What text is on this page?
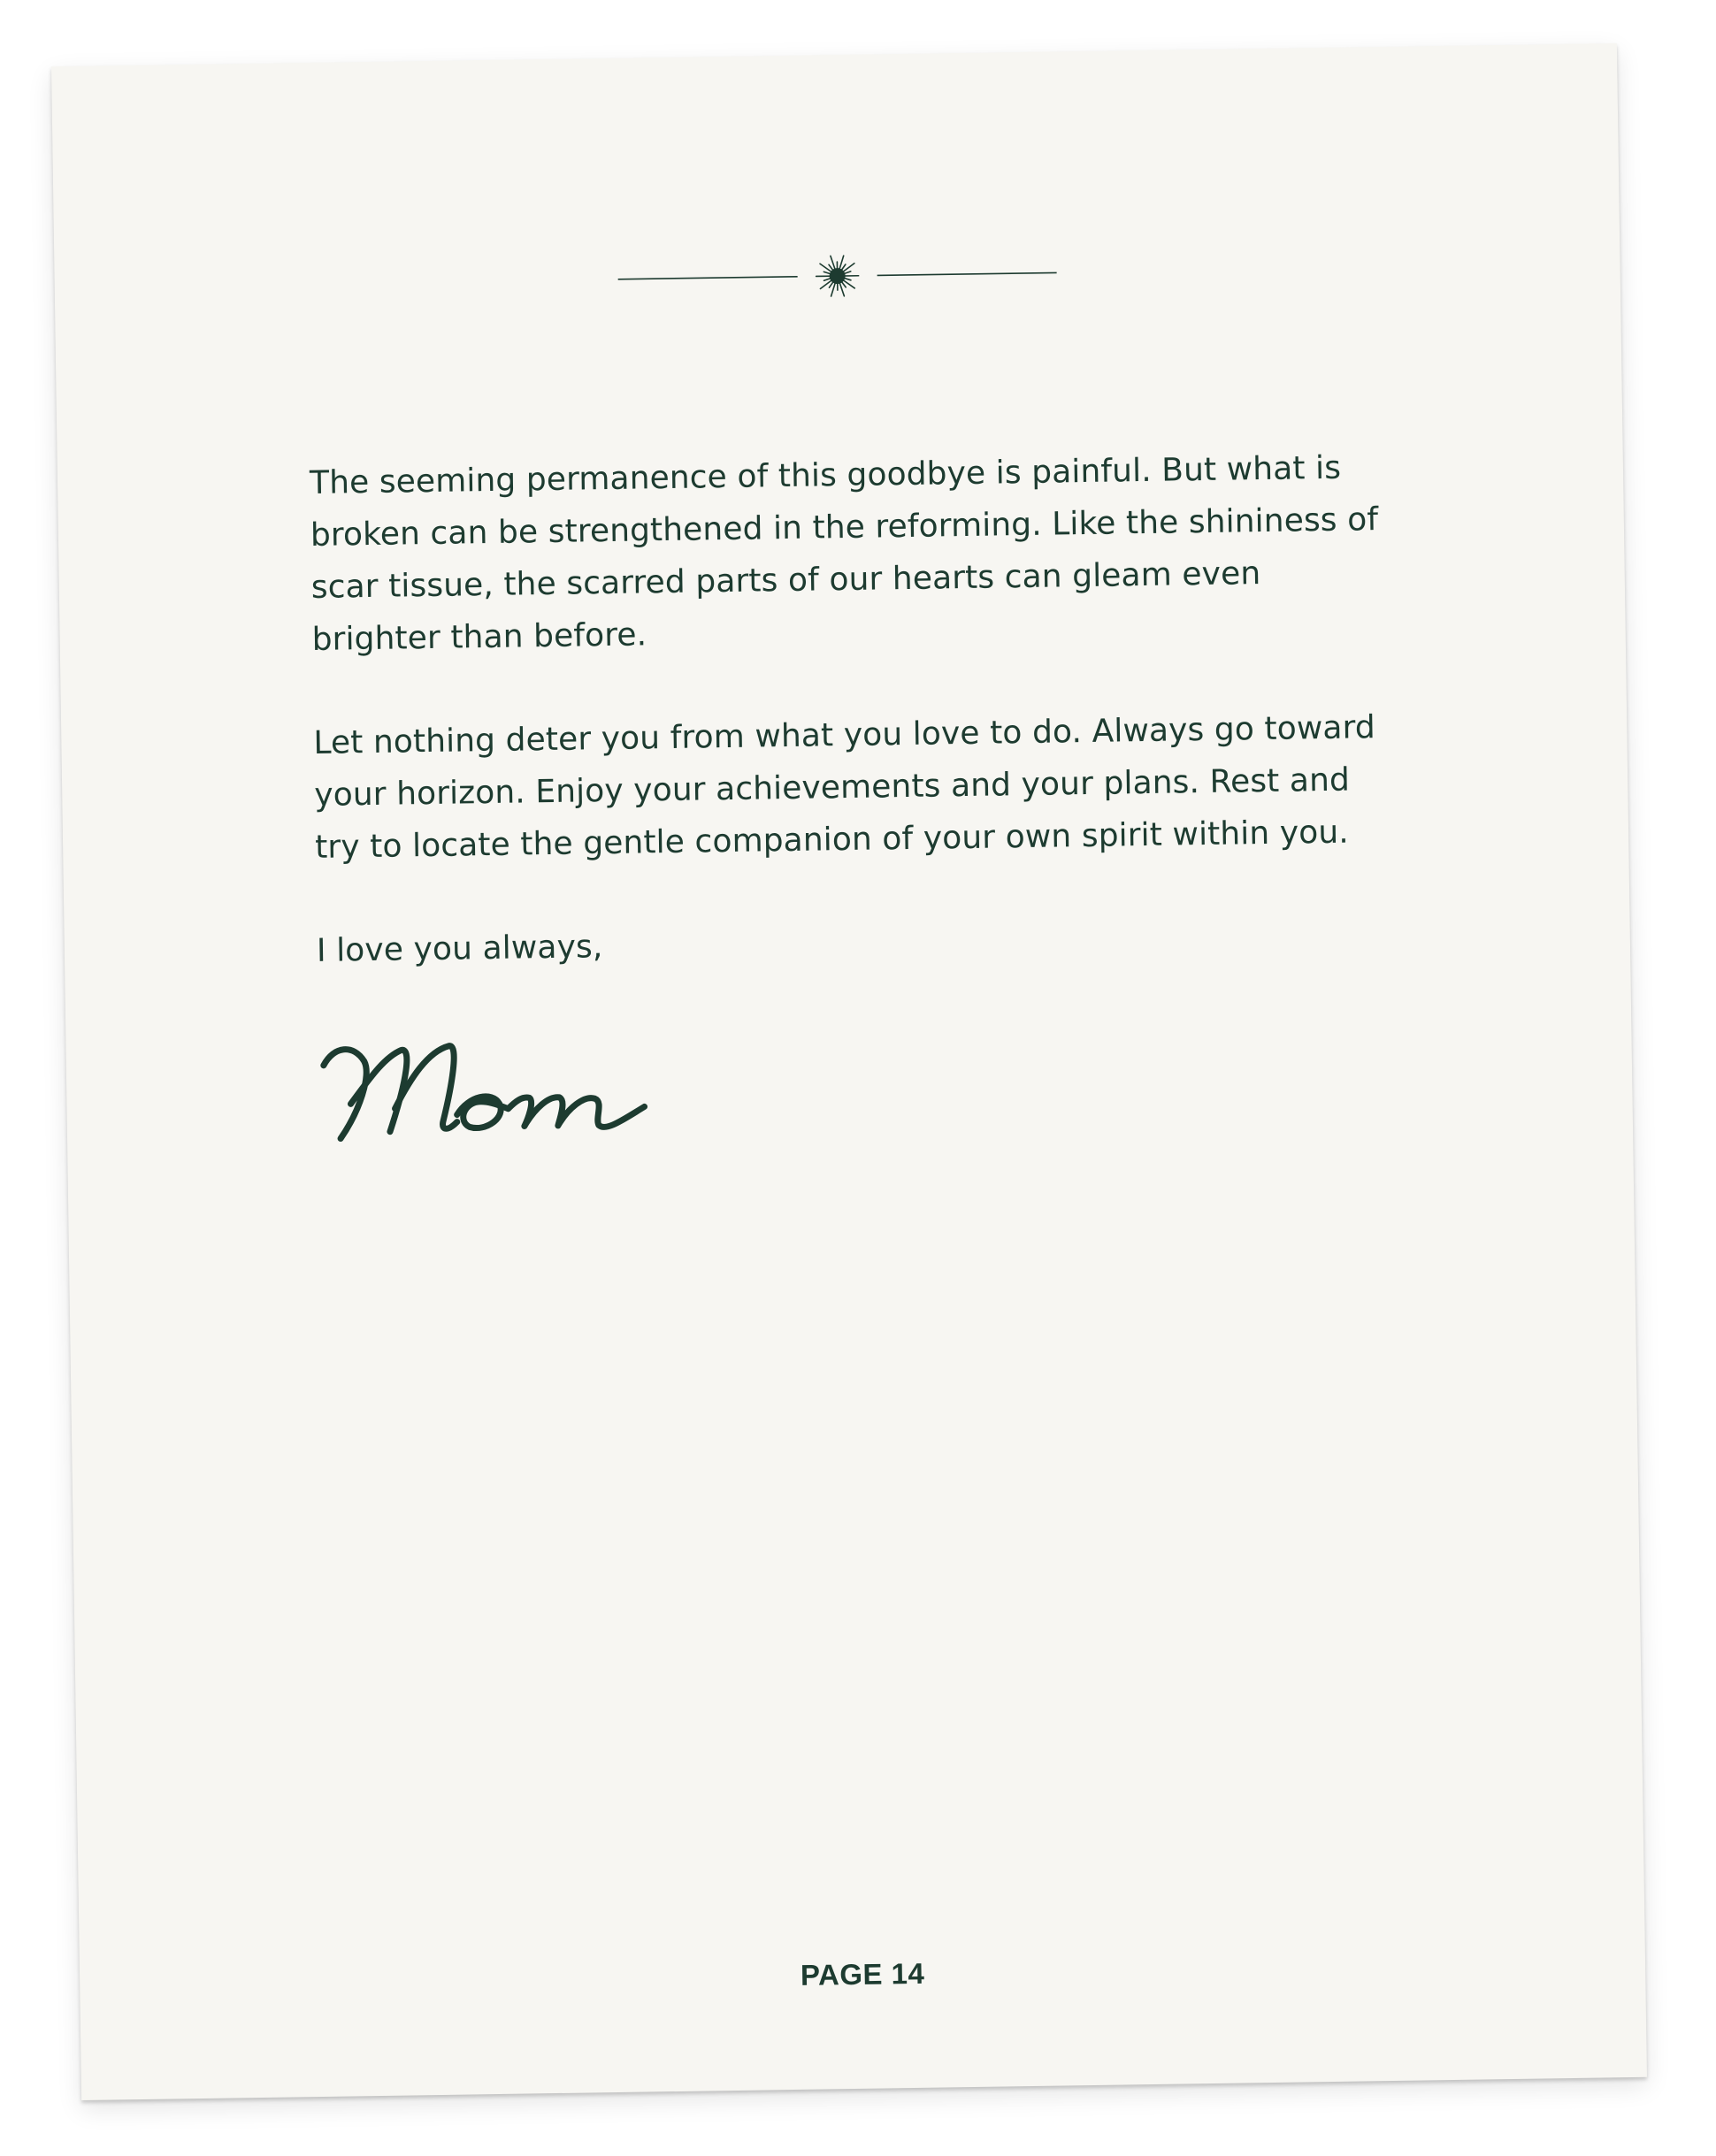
The seeming permanence of this goodbye is painful. But what is broken can be strengthened in the reforming. Like the shininess of scar tissue, the scarred parts of our hearts can gleam even brighter than before.

Let nothing deter you from what you love to do. Always go toward your horizon. Enjoy your achievements and your plans. Rest and try to locate the gentle companion of your own spirit within you.

I love you always,

PAGE 14
